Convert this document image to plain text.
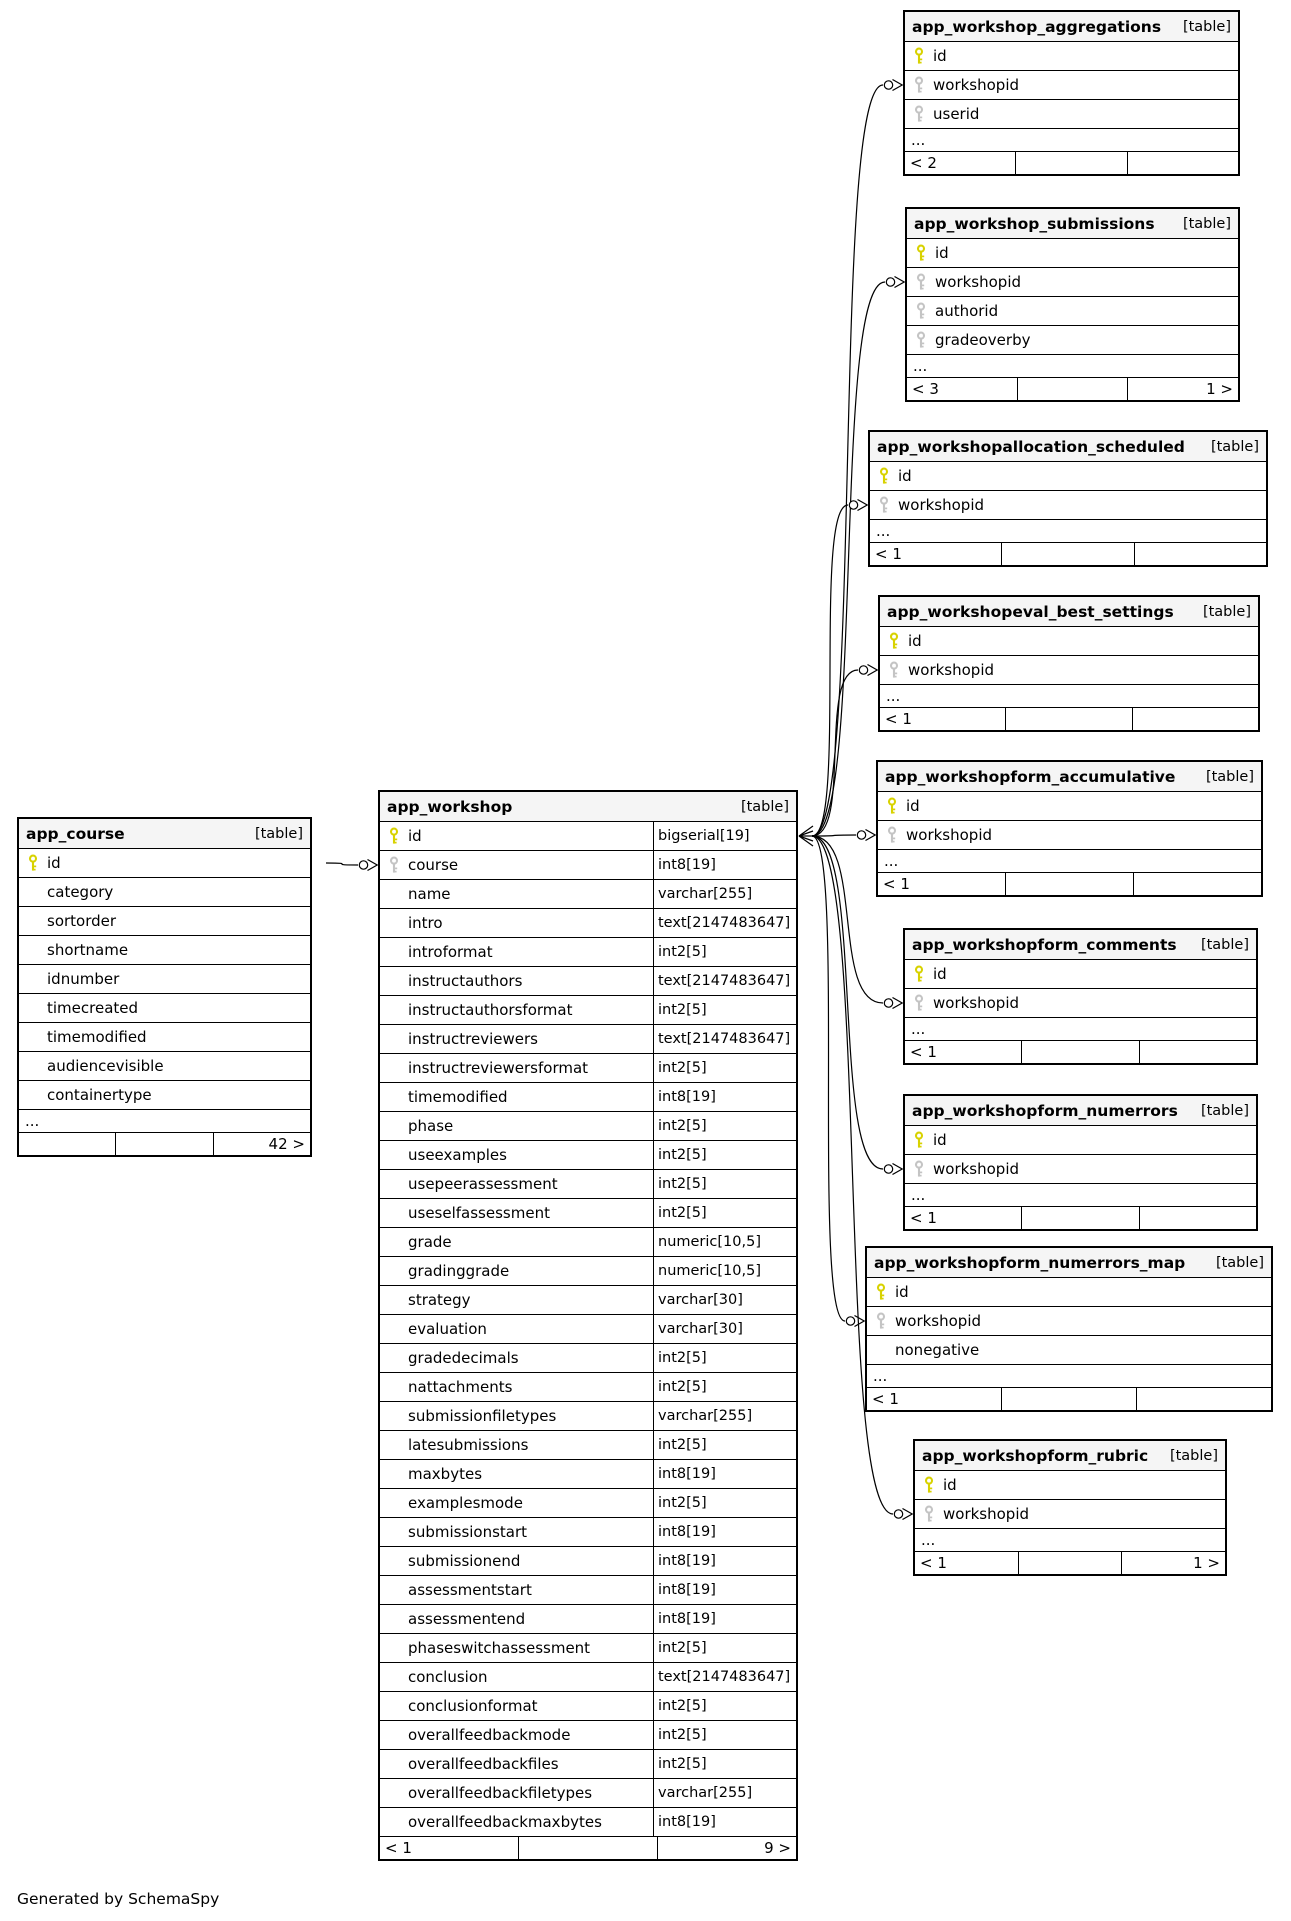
Generated by SchemaSpy
app_course	[table]
id
category
sortorder
shortname
idnumber
timecreated
timemodified
audiencevisible
containertype
...
42 >
app_workshop	[table]
id	bigserial[19]
course	int8[19]
name	varchar[255]
intro	text[2147483647]
introformat	int2[5]
instructauthors	text[2147483647]
instructauthorsformat	int2[5]
instructreviewers	text[2147483647]
instructreviewersformat	int2[5]
timemodified	int8[19]
phase	int2[5]
useexamples	int2[5]
usepeerassessment	int2[5]
useselfassessment	int2[5]
grade	numeric[10,5]
gradinggrade	numeric[10,5]
strategy	varchar[30]
evaluation	varchar[30]
gradedecimals	int2[5]
nattachments	int2[5]
submissionfiletypes	varchar[255]
latesubmissions	int2[5]
maxbytes	int8[19]
examplesmode	int2[5]
submissionstart	int8[19]
submissionend	int8[19]
assessmentstart	int8[19]
assessmentend	int8[19]
phaseswitchassessment	int2[5]
conclusion	text[2147483647]
conclusionformat	int2[5]
overallfeedbackmode	int2[5]
overallfeedbackfiles	int2[5]
overallfeedbackfiletypes	varchar[255]
overallfeedbackmaxbytes	int8[19]
< 1	9 >
app_workshop_aggregations [table]
id
workshopid
userid
...
< 2
app_workshop_submissions [table]
id
workshopid
authorid
gradeoverby
...
< 3	1 >
app_workshopallocation_scheduled [table]
id
workshopid
...
< 1
app_workshopeval_best_settings [table]
id
workshopid
...
< 1
app_workshopform_accumulative [table]
id
workshopid
...
< 1
app_workshopform_comments [table]
id
workshopid
...
< 1
app_workshopform_numerrors [table]
id
workshopid
...
< 1
app_workshopform_numerrors_map [table]
id
workshopid
nonegative
...
< 1
app_workshopform_rubric [table]
id
workshopid
...
< 1	1 >
